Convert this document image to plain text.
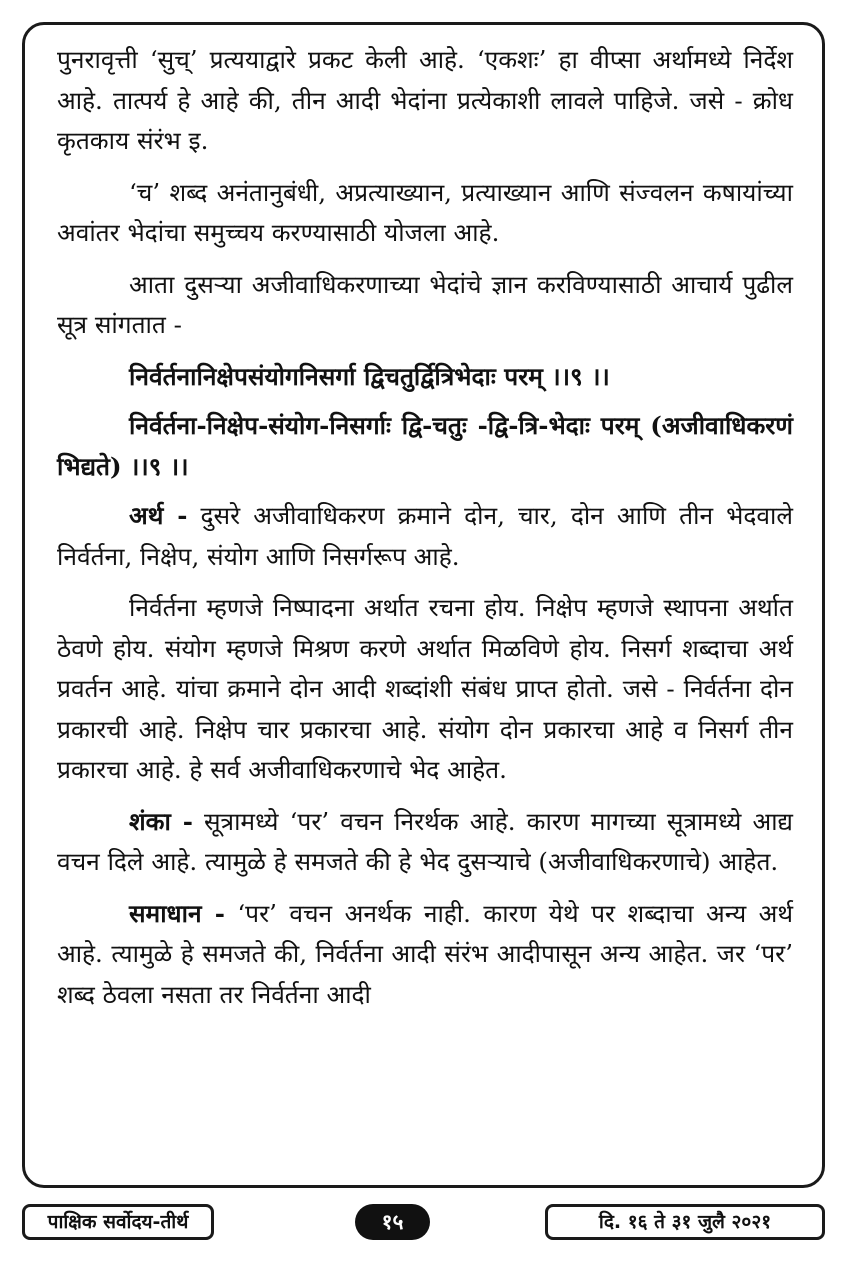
पुनरावृत्ती ‘सुच्’ प्रत्ययाद्वारे प्रकट केली आहे. ‘एकशः’ हा वीप्सा अर्थामध्ये निर्देश आहे. तात्पर्य हे आहे की, तीन आदी भेदांना प्रत्येकाशी लावले पाहिजे. जसे - क्रोध कृतकाय संरंभ इ.

‘च’ शब्द अनंतानुबंधी, अप्रत्याख्यान, प्रत्याख्यान आणि संज्वलन कषायांच्या अवांतर भेदांचा समुच्चय करण्यासाठी योजला आहे.

आता दुसऱ्या अजीवाधिकरणाच्या भेदांचे ज्ञान करविण्यासाठी आचार्य पुढील सूत्र सांगतात -

निर्वर्तनानिक्षेपसंयोगनिसर्गा द्विचतुर्द्वित्रिभेदाः परम् ।।९ ।।

निर्वर्तना-निक्षेप-संयोग-निसर्गाः द्वि-चतुः -द्वि-त्रि-भेदाः परम् (अजीवाधिकरणं भिद्यते) ।।९ ।।

अर्थ - दुसरे अजीवाधिकरण क्रमाने दोन, चार, दोन आणि तीन भेदवाले निर्वर्तना, निक्षेप, संयोग आणि निसर्गरूप आहे.

निर्वर्तना म्हणजे निष्पादना अर्थात रचना होय. निक्षेप म्हणजे स्थापना अर्थात ठेवणे होय. संयोग म्हणजे मिश्रण करणे अर्थात मिळविणे होय. निसर्ग शब्दाचा अर्थ प्रवर्तन आहे. यांचा क्रमाने दोन आदी शब्दांशी संबंध प्राप्त होतो. जसे - निर्वर्तना दोन प्रकारची आहे. निक्षेप चार प्रकारचा आहे. संयोग दोन प्रकारचा आहे व निसर्ग तीन प्रकारचा आहे. हे सर्व अजीवाधिकरणाचे भेद आहेत.

शंका - सूत्रामध्ये ‘पर’ वचन निरर्थक आहे. कारण मागच्या सूत्रामध्ये आद्य वचन दिले आहे. त्यामुळे हे समजते की हे भेद दुसऱ्याचे (अजीवाधिकरणाचे) आहेत.

समाधान - ‘पर’ वचन अनर्थक नाही. कारण येथे पर शब्दाचा अन्य अर्थ आहे. त्यामुळे हे समजते की, निर्वर्तना आदी संरंभ आदीपासून अन्य आहेत. जर ‘पर’ शब्द ठेवला नसता तर निर्वर्तना आदी

पाक्षिक सर्वोदय-तीर्थ	१५	दि. १६ ते ३१ जुलै २०२१
